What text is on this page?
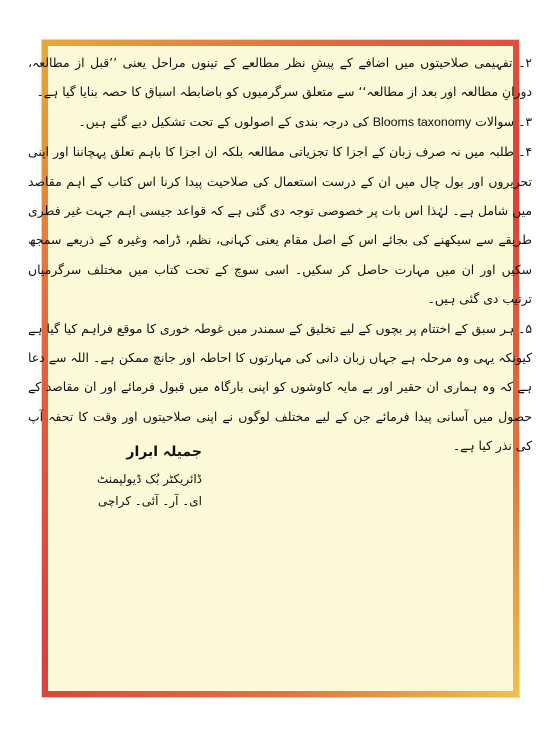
۲۔ تفہیمی صلاحیتوں میں اضافے کے پیشِ نظر مطالعے کے تینوں مراحل یعنی ’’قبل از مطالعہ، دورانِ مطالعہ اور بعد از مطالعہ‘‘ سے متعلق سرگرمیوں کو باضابطہ اسباق کا حصہ بنایا گیا ہے۔

۳۔ سوالات Blooms taxonomy کی درجہ بندی کے اصولوں کے تحت تشکیل دیے گئے ہیں۔

۴۔ طلبہ میں نہ صرف زبان کے اجزا کا تجزیاتی مطالعہ بلکہ ان اجزا کا باہم تعلق پہچاننا اور اپنی تحریروں اور بول چال میں ان کے درست استعمال کی صلاحیت پیدا کرنا اس کتاب کے اہم مقاصد میں شامل ہے۔ لہٰذا اس بات پر خصوصی توجہ دی گئی ہے کہ قواعد جیسی اہم جہت غیر فطری طریقے سے سیکھنے کی بجائے اس کے اصل مقام یعنی کہانی، نظم، ڈرامہ وغیرہ کے ذریعے سمجھ سکیں اور ان میں مہارت حاصل کر سکیں۔ اسی سوچ کے تحت کتاب میں مختلف سرگرمیاں ترتیب دی گئی ہیں۔

۵۔ ہر سبق کے اختتام پر بچوں کے لیے تخلیق کے سمندر میں غوطہ خوری کا موقع فراہم کیا گیا ہے کیونکہ یہی وہ مرحلہ ہے جہاں زبان دانی کی مہارتوں کا احاطہ اور جانچ ممکن ہے۔ اللہ سے دعا ہے کہ وہ ہماری ان حقیر اور بے مایہ کاوشوں کو اپنی بارگاہ میں قبول فرمائے اور ان مقاصد کے حصول میں آسانی پیدا فرمائے جن کے لیے مختلف لوگوں نے اپنی صلاحیتوں اور وقت کا تحفہ آپ کی نذر کیا ہے۔

جمیلہ ابرار
ڈائریکٹر بُک ڈیولپمنٹ
ای۔ آر۔ آئی۔ کراچی
